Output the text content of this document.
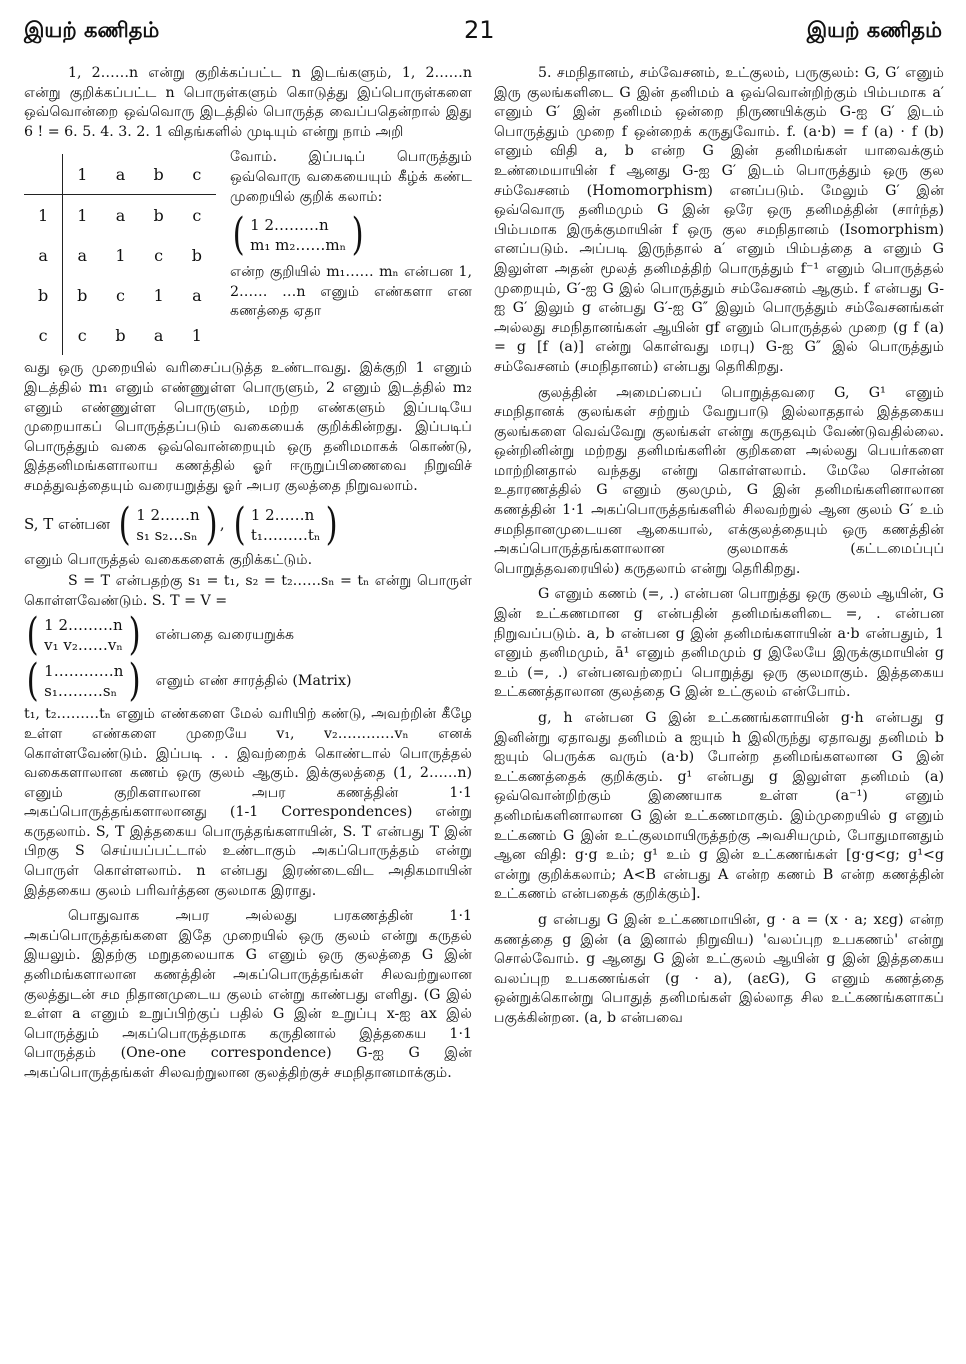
இயற் கணிதம்	21	இயற் கணிதம்

1, 2……n என்று குறிக்கப்பட்ட n இடங்களும், 1, 2……n என்று குறிக்கப்பட்ட n பொருள்களும் கொடுத்து இப்பொருள்களை ஒவ்வொன்றை ஒவ்வொரு இடத்தில் பொருத்த வைப்பதென்றால் இது 6 ! = 6. 5. 4. 3. 2. 1 விதங்களில் முடியும் என்று நாம் அறி

	1	a	b	c
1	1	a	b	c
a	a	1	c	b
b	b	c	1	a
c	c	b	a	1
வோம். இப்படிப் பொருத்தும் ஒவ்வொரு வகையையும் கீழ்க் கண்ட முறையில் குறிக் கலாம்:
( 1 2………n
m₁ m₂……mₙ )
என்ற குறியில் m₁…… mₙ என்பன 1, 2…… …n எனும் எண்களா என கணத்தை ஏதா

வது ஒரு முறையில் வரிசைப்படுத்த உண்டாவது. இக்குறி 1 எனும் இடத்தில் m₁ எனும் எண்ணுள்ள பொருளும், 2 எனும் இடத்தில் m₂ எனும் எண்ணுள்ள பொருளும், மற்ற எண்களும் இப்படியே முறையாகப் பொருத்தப்படும் வகையைக் குறிக்கின்றது. இப்படிப் பொருத்தும் வகை ஒவ்வொன்றையும் ஒரு தனிமமாகக் கொண்டு, இத்தனிமங்களாலாய கணத்தில் ஓர் ஈருறுப்பிணைவை நிறுவிச் சமத்துவத்தையும் வரையறுத்து ஓர் அபர குலத்தை நிறுவலாம்.

S, T என்பன ( 1 2……n
s₁ s₂…sₙ ) , ( 1 2……n
t₁………tₙ )

எனும் பொருத்தல் வகைகளைக் குறிக்கட்டும்.

S = T என்பதற்கு s₁ = t₁, s₂ = t₂……sₙ = tₙ என்று பொருள் கொள்ளவேண்டும். S. T = V =

( 1 2………n
v₁ v₂……vₙ ) என்பதை வரையறுக்க
( 1…………n
s₁………sₙ ) எனும் எண் சாரத்தில் (Matrix)

t₁, t₂………tₙ எனும் எண்களை மேல் வரியிற் கண்டு, அவற்றின் கீழே உள்ள எண்களை முறையே v₁, v₂…………vₙ எனக் கொள்ளவேண்டும். இப்படி . . இவற்றைக் கொண்டால் பொருத்தல் வகைகளாலான கணம் ஒரு குலம் ஆகும். இக்குலத்தை (1, 2……n) எனும் குறிகளாலான அபர கணத்தின் 1·1 அகப்பொருத்தங்களாலானது (1-1 Correspondences) என்று கருதலாம். S, T இத்தகைய பொருத்தங்களாயின், S. T என்பது T இன் பிறகு S செய்யப்பட்டால் உண்டாகும் அகப்பொருத்தம் என்று பொருள் கொள்ளலாம். n என்பது இரண்டைவிட அதிகமாயின் இத்தகைய குலம் பரிவர்த்தன குலமாக இராது.

பொதுவாக அபர அல்லது பரகணத்தின் 1·1 அகப்பொருத்தங்களை இதே முறையில் ஒரு குலம் என்று கருதல் இயலும். இதற்கு மறுதலையாக G எனும் ஒரு குலத்தை G இன் தனிமங்களாலான கணத்தின் அகப்பொருத்தங்கள் சிலவற்றுலான குலத்துடன் சம நிதானமுடைய குலம் என்று காண்பது எளிது. (G இல் உள்ள a எனும் உறுப்பிற்குப் பதில் G இன் உறுப்பு x-ஐ ax இல் பொருத்தும் அகப்பொருத்தமாக கருதினால் இத்தகைய 1·1 பொருத்தம் (One-one correspondence) G-ஐ G இன் அகப்பொருத்தங்கள் சிலவற்றுலான குலத்திற்குச் சமநிதானமாக்கும்.

5. சமநிதானம், சம்வேசனம், உட்குலம், பருகுலம்: G, G′ எனும் இரு குலங்களிடை G இன் தனிமம் a ஒவ்வொன்றிற்கும் பிம்பமாக a′ எனும் G′ இன் தனிமம் ஒன்றை நிருணயிக்கும் G-ஐ G′ இடம் பொருத்தும் முறை f ஒன்றைக் கருதுவோம். f. (a·b) = f (a) · f (b) எனும் விதி a, b என்ற G இன் தனிமங்கள் யாவைக்கும் உண்மையாயின் f ஆனது G-ஐ G′ இடம் பொருத்தும் ஒரு குல சம்வேசனம் (Homomorphism) எனப்படும். மேலும் G′ இன் ஒவ்வொரு தனிமமும் G இன் ஒரே ஒரு தனிமத்தின் (சார்ந்த) பிம்பமாக இருக்குமாயின் f ஒரு குல சமநிதானம் (Isomorphism) எனப்படும். அப்படி இருந்தால் a′ எனும் பிம்பத்தை a எனும் G இலுள்ள அதன் மூலத் தனிமத்திற் பொருத்தும் f⁻¹ எனும் பொருத்தல் முறையும், G′-ஐ G இல் பொருத்தும் சம்வேசனம் ஆகும். f என்பது G-ஐ G′ இலும் g என்பது G′-ஐ G″ இலும் பொருத்தும் சம்வேசனங்கள் அல்லது சமநிதானங்கள் ஆயின் gf எனும் பொருத்தல் முறை (g f (a) = g [f (a)] என்று கொள்வது மரபு) G-ஐ G″ இல் பொருத்தும் சம்வேசனம் (சமநிதானம்) என்பது தெரிகிறது.

குலத்தின் அமைப்பைப் பொறுத்தவரை G, G¹ எனும் சமநிதானக் குலங்கள் சற்றும் வேறுபாடு இல்லாததால் இத்தகைய குலங்களை வெவ்வேறு குலங்கள் என்று கருதவும் வேண்டுவதில்லை. ஒன்றினின்று மற்றது தனிமங்களின் குறிகளை அல்லது பெயர்களை மாற்றினதால் வந்தது என்று கொள்ளலாம். மேலே சொன்ன உதாரணத்தில் G எனும் குலமும், G இன் தனிமங்களினாலான கணத்தின் 1·1 அகப்பொருத்தங்களில் சிலவற்றுல் ஆன குலம் G′ உம் சமநிதானமுடையன ஆகையால், எக்குலத்தையும் ஒரு கணத்தின் அகப்பொருத்தங்களாலான குலமாகக் (கட்டமைப்புப் பொறுத்தவரையில்) கருதலாம் என்று தெரிகிறது.

G எனும் கணம் (=, .) என்பன பொறுத்து ஒரு குலம் ஆயின், G இன் உட்கணமான g என்பதின் தனிமங்களிடை =, . என்பன நிறுவப்படும். a, b என்பன g இன் தனிமங்களாயின் a·b என்பதும், 1 எனும் தனிமமும், ā¹ எனும் தனிமமும் g இலேயே இருக்குமாயின் g உம் (=, .) என்பனவற்றைப் பொறுத்து ஒரு குலமாகும். இத்தகைய உட்கணத்தாலான குலத்தை G இன் உட்குலம் என்போம்.

g, h என்பன G இன் உட்கணங்களாயின் g·h என்பது g இனின்று ஏதாவது தனிமம் a ஐயும் h இலிருந்து ஏதாவது தனிமம் b ஐயும் பெருக்க வரும் (a·b) போன்ற தனிமங்களலான G இன் உட்கணத்தைக் குறிக்கும். g¹ என்பது g இலுள்ள தனிமம் (a) ஒவ்வொன்றிற்கும் இணையாக உள்ள (a⁻¹) எனும் தனிமங்களினாலான G இன் உட்கணமாகும். இம்முறையில் g எனும் உட்கணம் G இன் உட்குலமாயிருத்தற்கு அவசியமும், போதுமானதும் ஆன விதி: g·g உம்; g¹ உம் g இன் உட்கணங்கள் [g·g<g; g¹<g என்று குறிக்கலாம்; A<B என்பது A என்ற கணம் B என்ற கணத்தின் உட்கணம் என்பதைக் குறிக்கும்].

g என்பது G இன் உட்கணமாயின், g · a = (x · a; xεg) என்ற கணத்தை g இன் (a இனால் நிறுவிய) 'வலப்புற உபகணம்' என்று சொல்வோம். g ஆனது G இன் உட்குலம் ஆயின் g இன் இத்தகைய வலப்புற உபகணங்கள் (g · a), (aεG), G எனும் கணத்தை ஒன்றுக்கொன்று பொதுத் தனிமங்கள் இல்லாத சில உட்கணங்களாகப் பகுக்கின்றன. (a, b என்பவை
